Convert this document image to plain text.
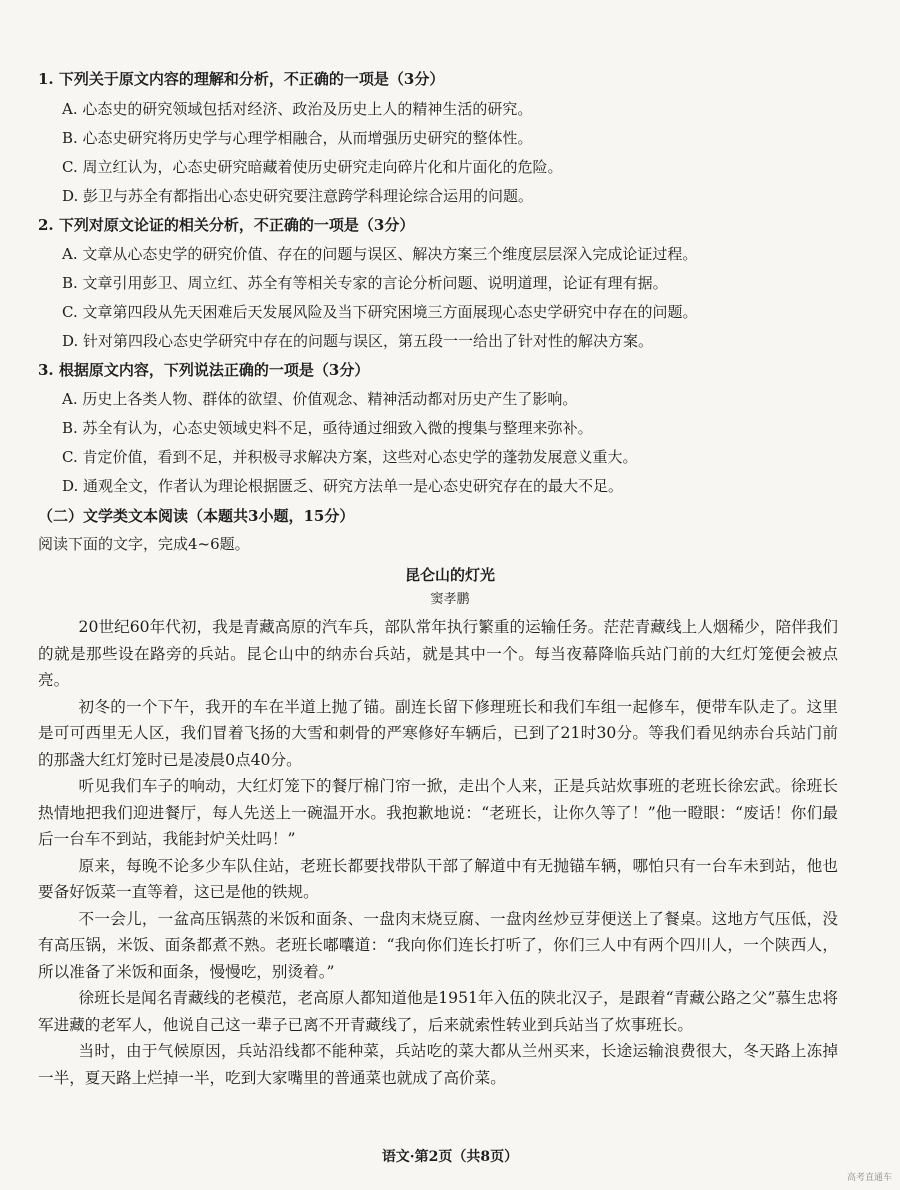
1. 下列关于原文内容的理解和分析，不正确的一项是（3分）
A. 心态史的研究领域包括对经济、政治及历史上人的精神生活的研究。
B. 心态史研究将历史学与心理学相融合，从而增强历史研究的整体性。
C. 周立红认为，心态史研究暗藏着使历史研究走向碎片化和片面化的危险。
D. 彭卫与苏全有都指出心态史研究要注意跨学科理论综合运用的问题。
2. 下列对原文论证的相关分析，不正确的一项是（3分）
A. 文章从心态史学的研究价值、存在的问题与误区、解决方案三个维度层层深入完成论证过程。
B. 文章引用彭卫、周立红、苏全有等相关专家的言论分析问题、说明道理，论证有理有据。
C. 文章第四段从先天困难后天发展风险及当下研究困境三方面展现心态史学研究中存在的问题。
D. 针对第四段心态史学研究中存在的问题与误区，第五段一一给出了针对性的解决方案。
3. 根据原文内容，下列说法正确的一项是（3分）
A. 历史上各类人物、群体的欲望、价值观念、精神活动都对历史产生了影响。
B. 苏全有认为，心态史领域史料不足，亟待通过细致入微的搜集与整理来弥补。
C. 肯定价值，看到不足，并积极寻求解决方案，这些对心态史学的蓬勃发展意义重大。
D. 通观全文，作者认为理论根据匮乏、研究方法单一是心态史研究存在的最大不足。
（二）文学类文本阅读（本题共3小题，15分）
阅读下面的文字，完成4~6题。
昆仑山的灯光
窦孝鹏

20世纪60年代初，我是青藏高原的汽车兵，部队常年执行繁重的运输任务。茫茫青藏线上人烟稀少，陪伴我们的就是那些设在路旁的兵站。昆仑山中的纳赤台兵站，就是其中一个。每当夜幕降临兵站门前的大红灯笼便会被点亮。

初冬的一个下午，我开的车在半道上抛了锚。副连长留下修理班长和我们车组一起修车，便带车队走了。这里是可可西里无人区，我们冒着飞扬的大雪和刺骨的严寒修好车辆后，已到了21时30分。等我们看见纳赤台兵站门前的那盏大红灯笼时已是凌晨0点40分。

听见我们车子的响动，大红灯笼下的餐厅棉门帘一掀，走出个人来，正是兵站炊事班的老班长徐宏武。徐班长热情地把我们迎进餐厅，每人先送上一碗温开水。我抱歉地说：“老班长，让你久等了！”他一瞪眼：“废话！你们最后一台车不到站，我能封炉关灶吗！”

原来，每晚不论多少车队住站，老班长都要找带队干部了解道中有无抛锚车辆，哪怕只有一台车未到站，他也要备好饭菜一直等着，这已是他的铁规。

不一会儿，一盆高压锅蒸的米饭和面条、一盘肉末烧豆腐、一盘肉丝炒豆芽便送上了餐桌。这地方气压低，没有高压锅，米饭、面条都煮不熟。老班长嘟囔道：“我向你们连长打听了，你们三人中有两个四川人，一个陕西人，所以准备了米饭和面条，慢慢吃，别烫着。”

徐班长是闻名青藏线的老模范，老高原人都知道他是1951年入伍的陕北汉子，是跟着“青藏公路之父”慕生忠将军进藏的老军人，他说自己这一辈子已离不开青藏线了，后来就索性转业到兵站当了炊事班长。

当时，由于气候原因，兵站沿线都不能种菜，兵站吃的菜大都从兰州买来，长途运输浪费很大，冬天路上冻掉一半，夏天路上烂掉一半，吃到大家嘴里的普通菜也就成了高价菜。

语文·第2页（共8页）
高考直通车
